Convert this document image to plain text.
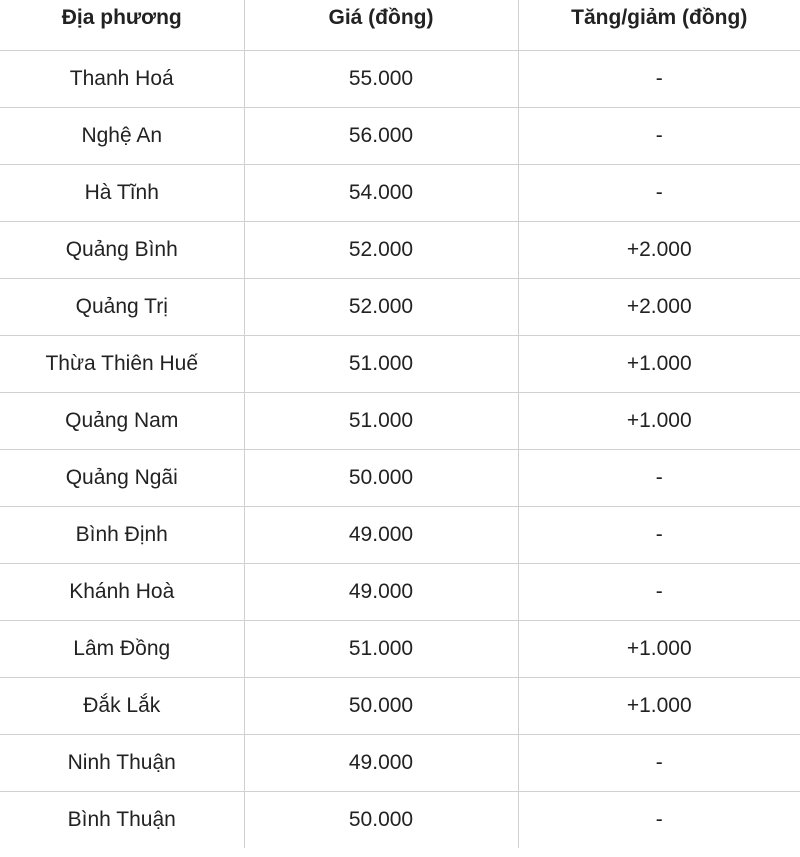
Địa phương	Giá (đồng)	Tăng/giảm (đồng)
Thanh Hoá	55.000	-
Nghệ An	56.000	-
Hà Tĩnh	54.000	-
Quảng Bình	52.000	+2.000
Quảng Trị	52.000	+2.000
Thừa Thiên Huế	51.000	+1.000
Quảng Nam	51.000	+1.000
Quảng Ngãi	50.000	-
Bình Định	49.000	-
Khánh Hoà	49.000	-
Lâm Đồng	51.000	+1.000
Đắk Lắk	50.000	+1.000
Ninh Thuận	49.000	-
Bình Thuận	50.000	-
